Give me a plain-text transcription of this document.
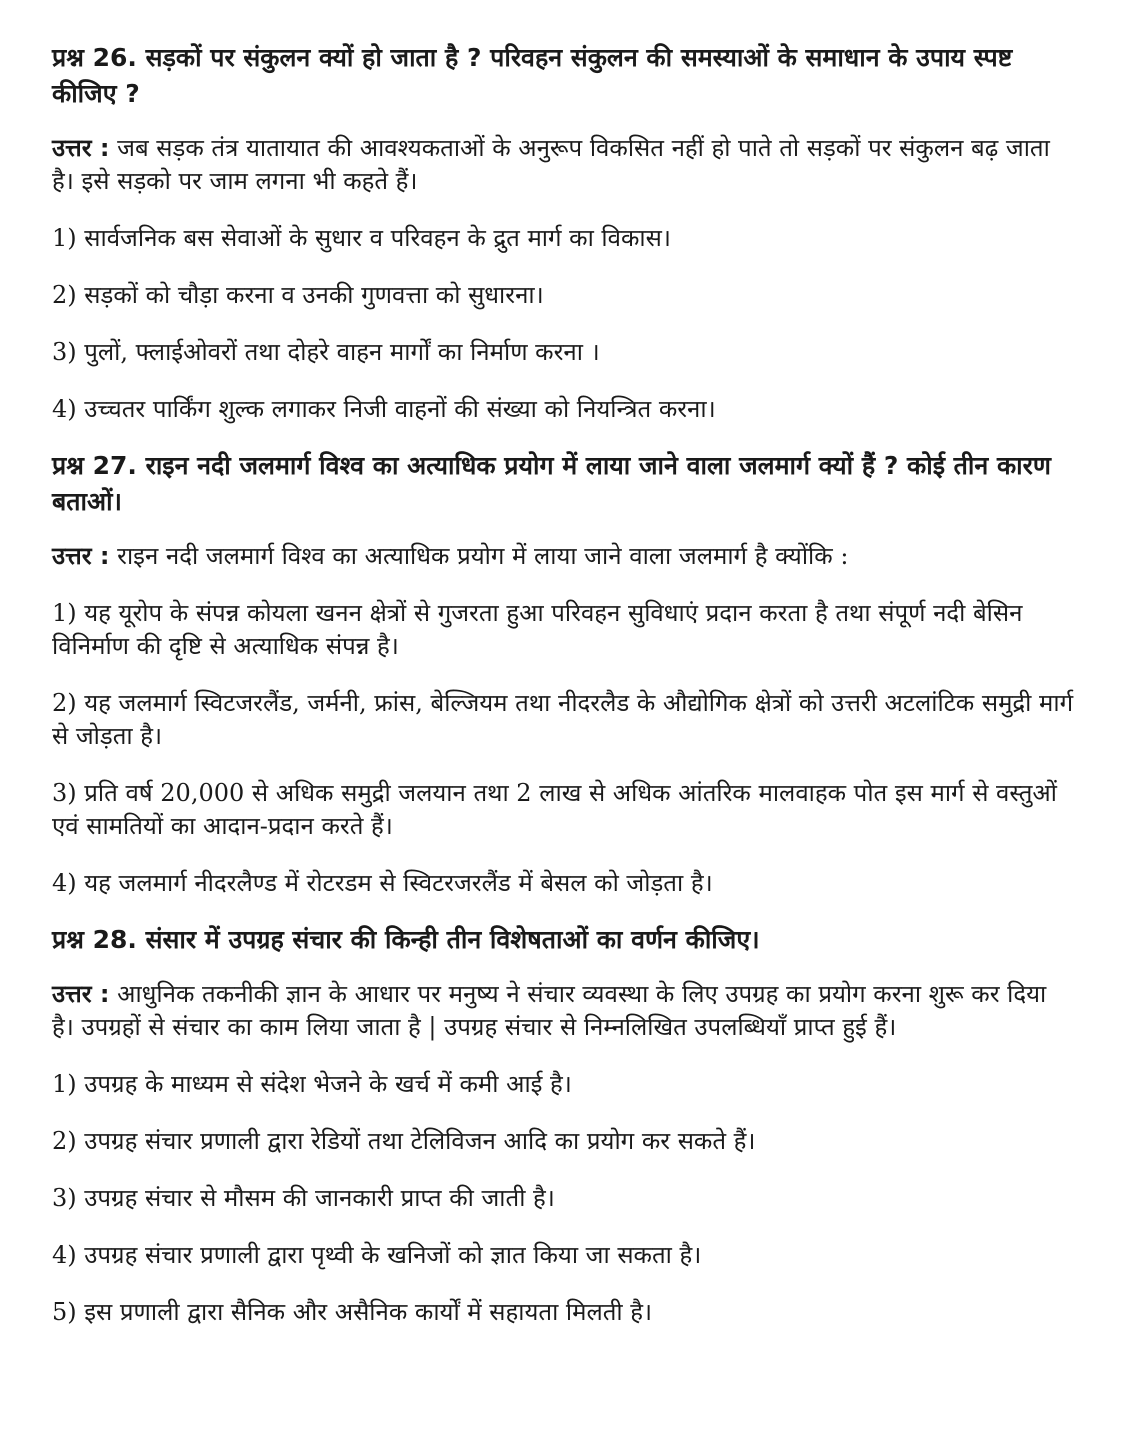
प्रश्न 26. सड़कों पर संकुलन क्यों हो जाता है ? परिवहन संकुलन की समस्याओं के समाधान के उपाय स्पष्ट कीजिए ?
उत्तर : जब सड़क तंत्र यातायात की आवश्यकताओं के अनुरूप विकसित नहीं हो पाते तो सड़कों पर संकुलन बढ़ जाता है। इसे सड़को पर जाम लगना भी कहते हैं।
1) सार्वजनिक बस सेवाओं के सुधार व परिवहन के द्रुत मार्ग का विकास।
2) सड़कों को चौड़ा करना व उनकी गुणवत्ता को सुधारना।
3) पुलों, फ्लाईओवरों तथा दोहरे वाहन मार्गों का निर्माण करना ।
4) उच्चतर पार्किंग शुल्क लगाकर निजी वाहनों की संख्या को नियन्त्रित करना।
प्रश्न 27. राइन नदी जलमार्ग विश्व का अत्याधिक प्रयोग में लाया जाने वाला जलमार्ग क्यों हैं ? कोई तीन कारण बताओं।
उत्तर : राइन नदी जलमार्ग विश्व का अत्याधिक प्रयोग में लाया जाने वाला जलमार्ग है क्योंकि :
1) यह यूरोप के संपन्न कोयला खनन क्षेत्रों से गुजरता हुआ परिवहन सुविधाएं प्रदान करता है तथा संपूर्ण नदी बेसिन विनिर्माण की दृष्टि से अत्याधिक संपन्न है।
2) यह जलमार्ग स्विटजरलैंड, जर्मनी, फ्रांस, बेल्जियम तथा नीदरलैड के औद्योगिक क्षेत्रों को उत्तरी अटलांटिक समुद्री मार्ग से जोड़ता है।
3) प्रति वर्ष 20,000 से अधिक समुद्री जलयान तथा 2 लाख से अधिक आंतरिक मालवाहक पोत इस मार्ग से वस्तुओं एवं सामतियों का आदान-प्रदान करते हैं।
4) यह जलमार्ग नीदरलैण्ड में रोटरडम से स्विटरजरलैंड में बेसल को जोड़ता है।
प्रश्न 28. संसार में उपग्रह संचार की किन्ही तीन विशेषताओं का वर्णन कीजिए।
उत्तर : आधुनिक तकनीकी ज्ञान के आधार पर मनुष्य ने संचार व्यवस्था के लिए उपग्रह का प्रयोग करना शुरू कर दिया है। उपग्रहों से संचार का काम लिया जाता है | उपग्रह संचार से निम्नलिखित उपलब्धियाँ प्राप्त हुई हैं।
1) उपग्रह के माध्यम से संदेश भेजने के खर्च में कमी आई है।
2) उपग्रह संचार प्रणाली द्वारा रेडियों तथा टेलिविजन आदि का प्रयोग कर सकते हैं।
3) उपग्रह संचार से मौसम की जानकारी प्राप्त की जाती है।
4) उपग्रह संचार प्रणाली द्वारा पृथ्वी के खनिजों को ज्ञात किया जा सकता है।
5) इस प्रणाली द्वारा सैनिक और असैनिक कार्यों में सहायता मिलती है।
